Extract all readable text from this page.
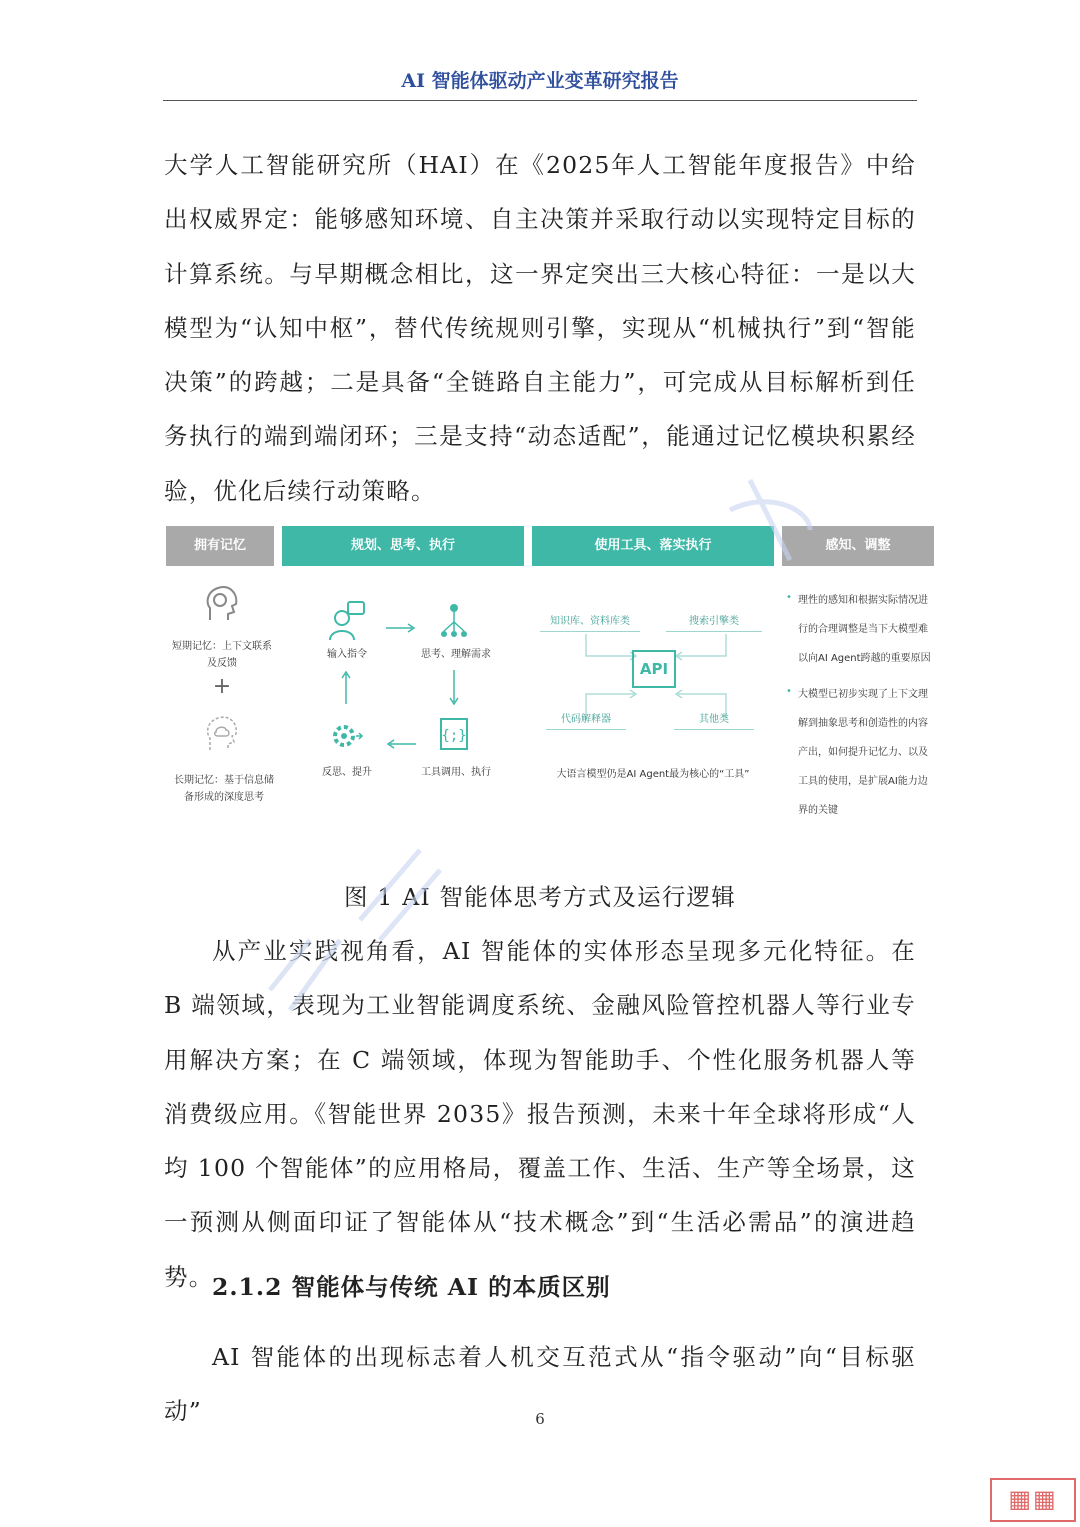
AI 智能体驱动产业变革研究报告

大学人工智能研究所（HAI）在《2025年人工智能年度报告》中给出权威界定：能够感知环境、自主决策并采取行动以实现特定目标的计算系统。与早期概念相比，这一界定突出三大核心特征：一是以大模型为“认知中枢”，替代传统规则引擎，实现从“机械执行”到“智能决策”的跨越；二是具备“全链路自主能力”，可完成从目标解析到任务执行的端到端闭环；三是支持“动态适配”，能通过记忆模块积累经验，优化后续行动策略。

拥有记忆	规划、思考、执行	使用工具、落实执行	感知、调整
短期记忆：上下文联系及反馈
+
长期记忆：基于信息储备形成的深度思考
输入指令	思考、理解需求
反思、提升
{;}
工具调用、执行
知识库、资料库类	搜索引擎类
API
代码解释器	其他类
大语言模型仍是AI Agent最为核心的“工具”
• 理性的感知和根据实际情况进行的合理调整是当下大模型难以向AI Agent跨越的重要原因
• 大模型已初步实现了上下文理解到抽象思考和创造性的内容产出，如何提升记忆力、以及工具的使用，是扩展AI能力边界的关键
图 1 AI 智能体思考方式及运行逻辑

从产业实践视角看，AI 智能体的实体形态呈现多元化特征。在 B 端领域，表现为工业智能调度系统、金融风险管控机器人等行业专用解决方案；在 C 端领域，体现为智能助手、个性化服务机器人等消费级应用。《智能世界 2035》报告预测，未来十年全球将形成“人均 100 个智能体”的应用格局，覆盖工作、生活、生产等全场景，这一预测从侧面印证了智能体从“技术概念”到“生活必需品”的演进趋势。

2.1.2 智能体与传统 AI 的本质区别

AI 智能体的出现标志着人机交互范式从“指令驱动”向“目标驱动”	6
▦▦
